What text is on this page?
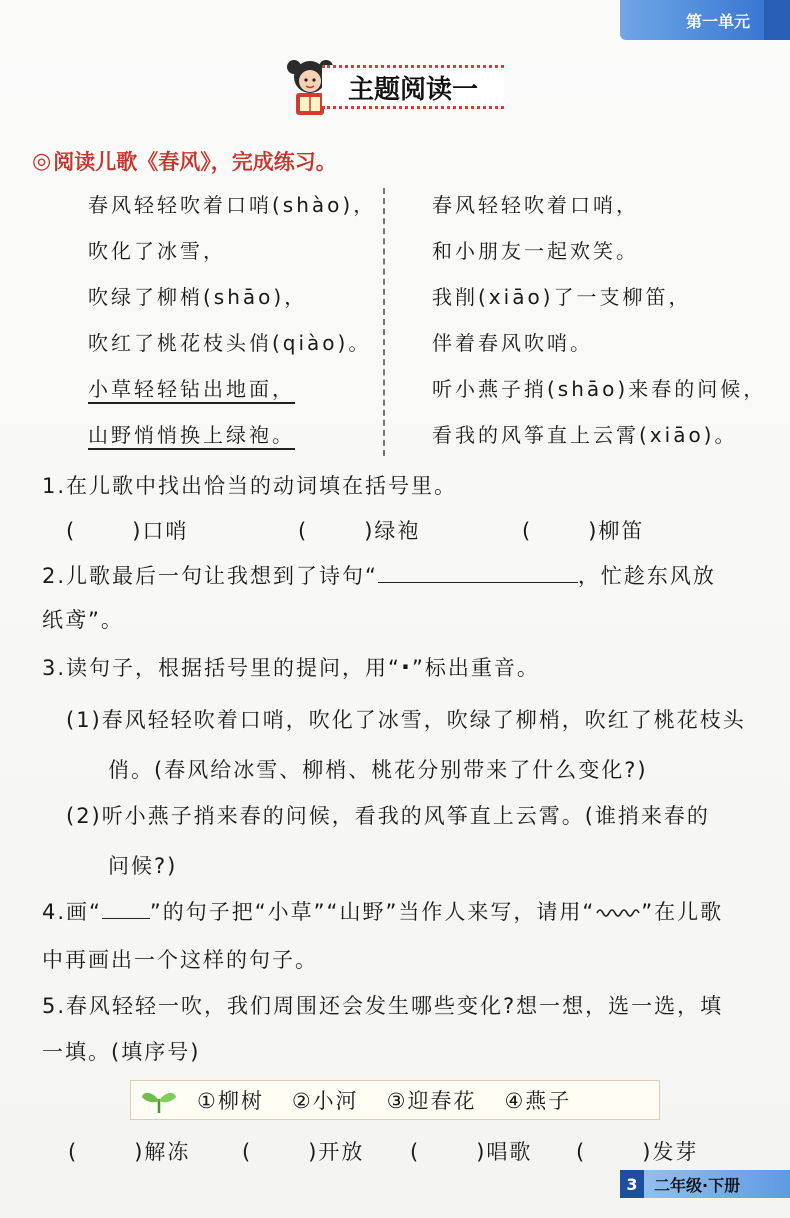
第一单元
主题阅读一
◎ 阅读儿歌《春风》，完成练习。
春风轻轻吹着口哨(shào)，
吹化了冰雪，
吹绿了柳梢(shāo)，
吹红了桃花枝头俏(qiào)。
小草轻轻钻出地面，
山野悄悄换上绿袍。
春风轻轻吹着口哨，
和小朋友一起欢笑。
我削(xiāo)了一支柳笛，
伴着春风吹哨。
听小燕子捎(shāo)来春的问候，
看我的风筝直上云霄(xiāo)。
1.在儿歌中找出恰当的动词填在括号里。
(	)口哨	(	)绿袍	(	)柳笛
2.儿歌最后一句让我想到了诗句“	，忙趁东风放
纸鸢”。
3.读句子，根据括号里的提问，用“·”标出重音。
(1)春风轻轻吹着口哨，吹化了冰雪，吹绿了柳梢，吹红了桃花枝头
俏。(春风给冰雪、柳梢、桃花分别带来了什么变化?)
(2)听小燕子捎来春的问候，看我的风筝直上云霄。(谁捎来春的
问候?)
4.画“ ”的句子把“小草”“山野”当作人来写，请用“ ”在儿歌
中再画出一个这样的句子。
5.春风轻轻一吹，我们周围还会发生哪些变化?想一想，选一选，填
一填。(填序号)
①柳树 ②小河 ③迎春花 ④燕子
(	)解冻 (	)开放 (	)唱歌 (	)发芽
3	二年级·下册
